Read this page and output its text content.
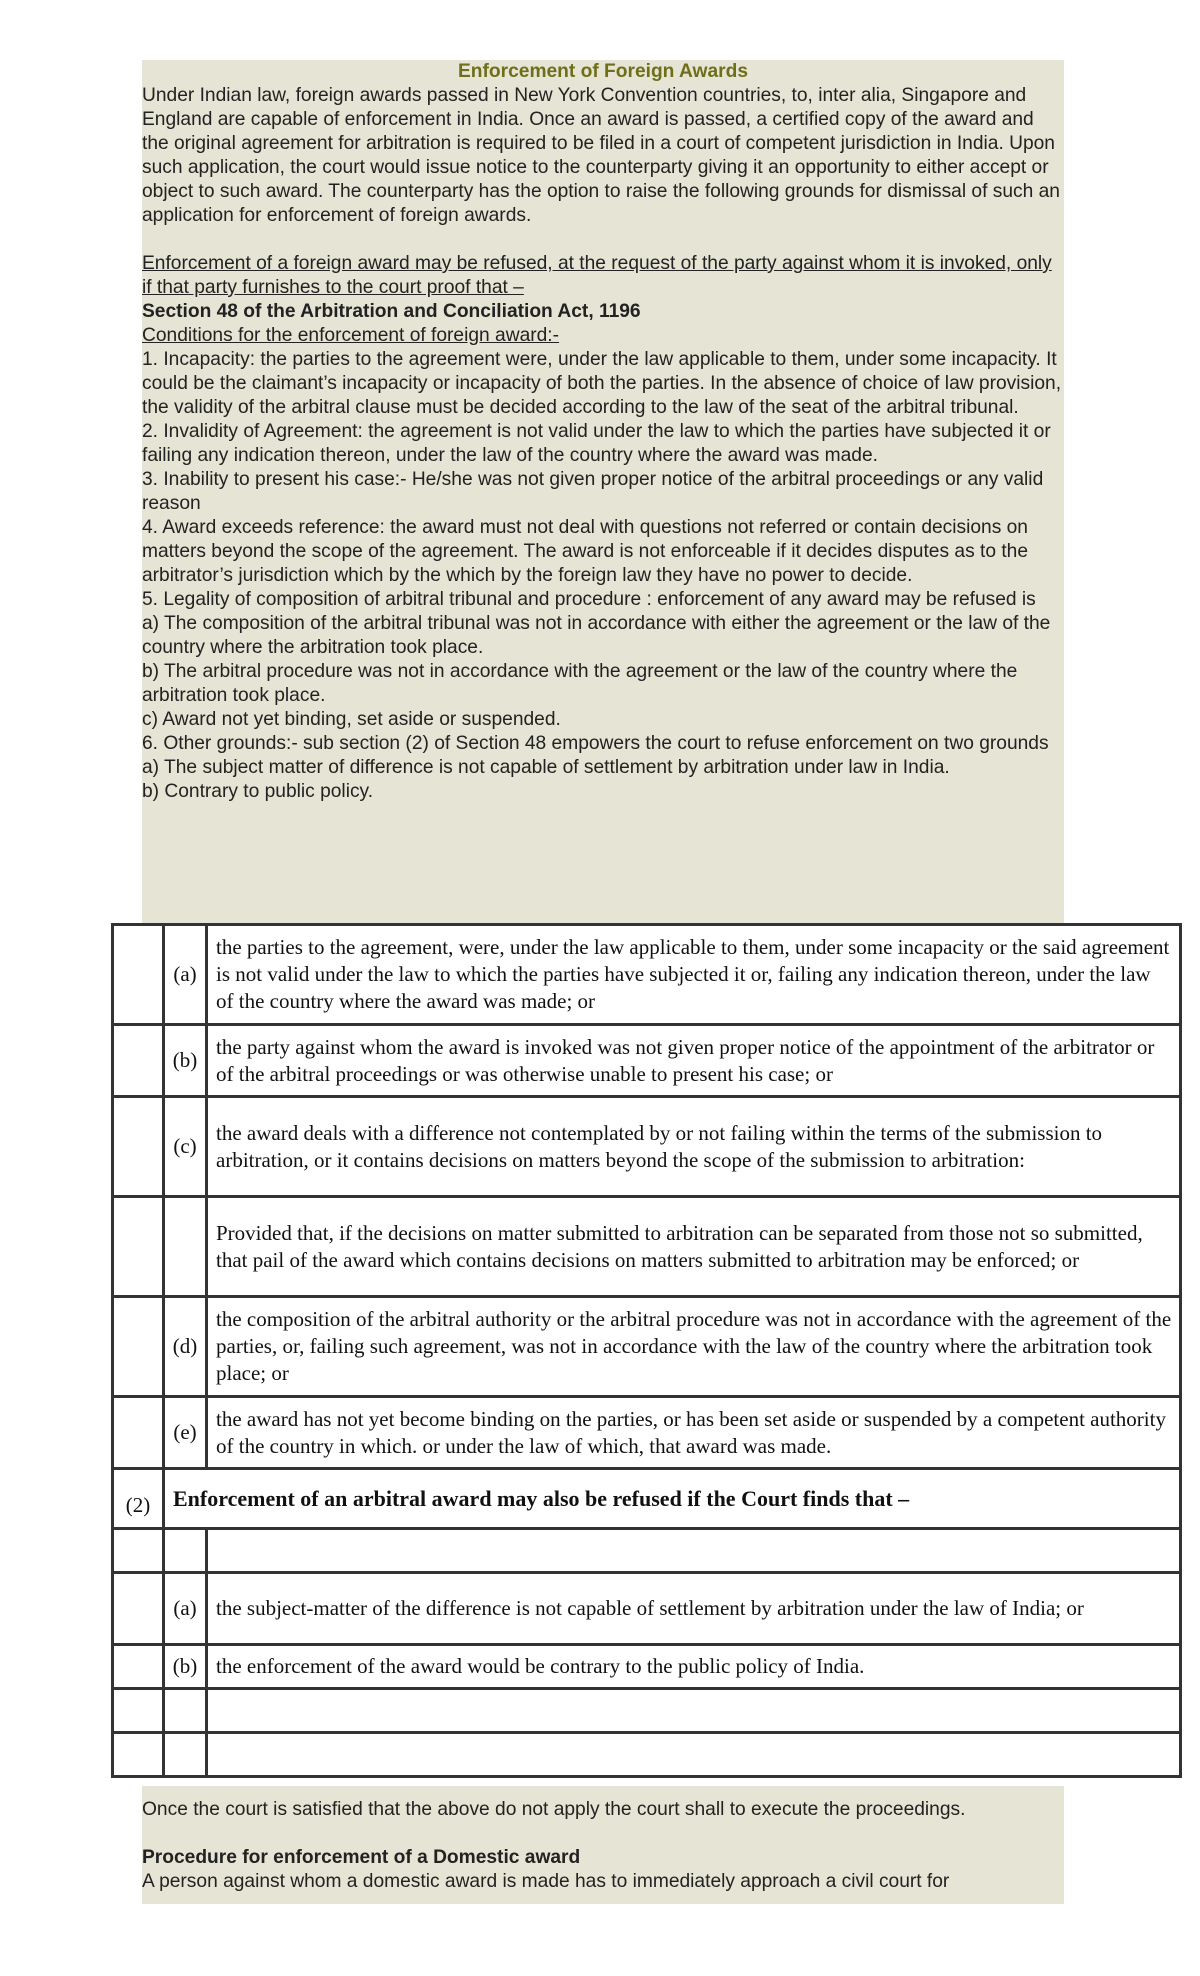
Enforcement of Foreign Awards

Under Indian law, foreign awards passed in New York Convention countries, to, inter alia, Singapore and England are capable of enforcement in India. Once an award is passed, a certified copy of the award and the original agreement for arbitration is required to be filed in a court of competent jurisdiction in India. Upon such application, the court would issue notice to the counterparty giving it an opportunity to either accept or object to such award. The counterparty has the option to raise the following grounds for dismissal of such an application for enforcement of foreign awards.

Enforcement of a foreign award may be refused, at the request of the party against whom it is invoked, only if that party furnishes to the court proof that –

Section 48 of the Arbitration and Conciliation Act, 1196

Conditions for the enforcement of foreign award:-

1. Incapacity: the parties to the agreement were, under the law applicable to them, under some incapacity. It could be the claimant’s incapacity or incapacity of both the parties. In the absence of choice of law provision, the validity of the arbitral clause must be decided according to the law of the seat of the arbitral tribunal.

2. Invalidity of Agreement: the agreement is not valid under the law to which the parties have subjected it or failing any indication thereon, under the law of the country where the award was made.

3. Inability to present his case:- He/she was not given proper notice of the arbitral proceedings or any valid reason

4. Award exceeds reference: the award must not deal with questions not referred or contain decisions on matters beyond the scope of the agreement. The award is not enforceable if it decides disputes as to the arbitrator’s jurisdiction which by the which by the foreign law they have no power to decide.

5. Legality of composition of arbitral tribunal and procedure : enforcement of any award may be refused is

a) The composition of the arbitral tribunal was not in accordance with either the agreement or the law of the country where the arbitration took place.

b) The arbitral procedure was not in accordance with the agreement or the law of the country where the arbitration took place.

c) Award not yet binding, set aside or suspended.

6. Other grounds:- sub section (2) of Section 48 empowers the court to refuse enforcement on two grounds

a) The subject matter of difference is not capable of settlement by arbitration under law in India.

b) Contrary to public policy.

	(a)	the parties to the agreement, were, under the law applicable to them, under some incapacity or the said agreement is not valid under the law to which the parties have subjected it or, failing any indication thereon, under the law of the country where the award was made; or
	(b)	the party against whom the award is invoked was not given proper notice of the appointment of the arbitrator or of the arbitral proceedings or was otherwise unable to present his case; or
	(c)	the award deals with a difference not contemplated by or not failing within the terms of the submission to arbitration, or it contains decisions on matters beyond the scope of the submission to arbitration:
		Provided that, if the decisions on matter submitted to arbitration can be separated from those not so submitted, that pail of the award which contains decisions on matters submitted to arbitration may be enforced; or
	(d)	the composition of the arbitral authority or the arbitral procedure was not in accordance with the agreement of the parties, or, failing such agreement, was not in accordance with the law of the country where the arbitration took place; or
	(e)	the award has not yet become binding on the parties, or has been set aside or suspended by a competent authority of the country in which. or under the law of which, that award was made.
(2)	Enforcement of an arbitral award may also be refused if the Court finds that –	

	(a)	the subject-matter of the difference is not capable of settlement by arbitration under the law of India; or
	(b)	the enforcement of the award would be contrary to the public policy of India.

Once the court is satisfied that the above do not apply the court shall to execute the proceedings.

Procedure for enforcement of a Domestic award

A person against whom a domestic award is made has to immediately approach a civil court for
